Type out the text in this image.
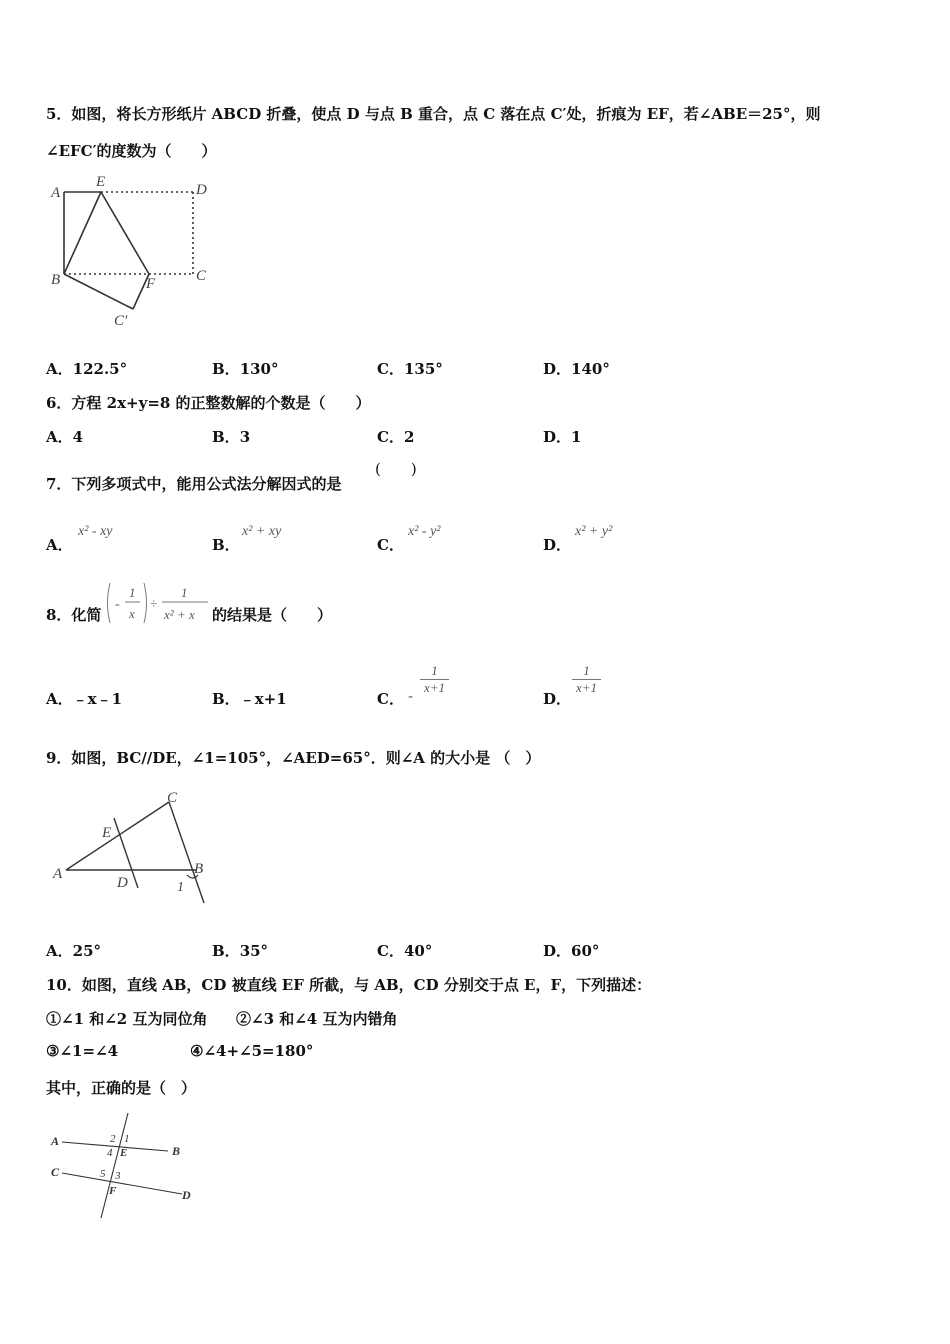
5．如图，将长方形纸片 ABCD 折叠，使点 D 与点 B 重合，点 C 落在点 C′处，折痕为 EF，若∠ABE＝25°，则
∠EFC′的度数为（　　）
A
E	D
B	F	C
C′
A．122.5°	B．130°	C．135°	D．140°
6．方程 2x+y=8 的正整数解的个数是（　　）
A．4	B．3	C．2	D．1
7．下列多项式中，能用公式法分解因式的是
(　　)
A．
x² - xy
B．
x² + xy
C．
x² - y²
D．
x² + y²
8．化简
-
1
x
÷
1
x² + x 的结果是（　　）
A．﹣x﹣1	B．﹣x+1	C． - $\frac{1}{x+1}$
D．
$\frac{1}{x+1}$
9．如图，BC//DE，∠1=105°，∠AED=65°．则∠A 的大小是 （　）
C
E
A
D
B
1
A．25°	B．35°	C．40°	D．60°
10．如图，直线 AB，CD 被直线 EF 所截，与 AB，CD 分别交于点 E，F，下列描述：
①∠1 和∠2 互为同位角 ②∠3 和∠4 互为内错角
③∠1=∠4	④∠4+∠5=180°
其中，正确的是（　）
A
B
C
D
E
F
2 1
4
5 3
